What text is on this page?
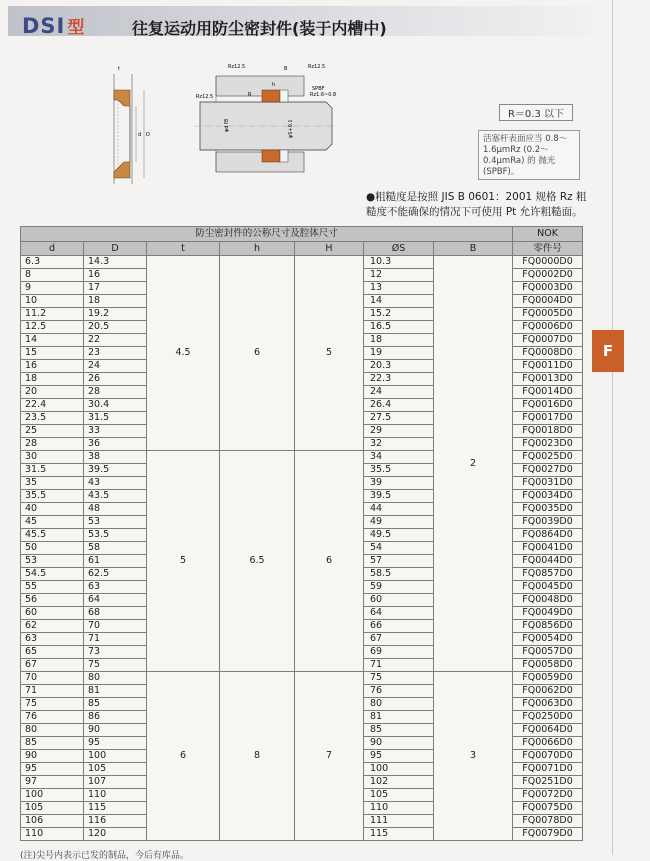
DSI 型	往复运动用防尘密封件(装于内槽中)
F
d D
t
φd f8	φS+0.1
h
B
R
Rz12.5	Rz12.5
SPBF
Rz1.6~0.8
Rz12.5
R＝0.3 以下
活塞杆表面应当 0.8～1.6μmRz (0.2～0.4μmRa) 的 抛光(SPBF)。
●粗糙度是按照 JIS B 0601：2001 规格 Rz 粗糙度不能确保的情况下可使用 Pt 允许粗糙面。
防尘密封件的公称尺寸及腔体尺寸							NOK
d	D	t	h	H	ØS	B	零件号
6.3	14.3	4.5	6	5	10.3	2	FQ0000D0
8	16				12		FQ0002D0
9	17				13		FQ0003D0
10	18				14		FQ0004D0
11.2	19.2				15.2		FQ0005D0
12.5	20.5				16.5		FQ0006D0
14	22				18		FQ0007D0
15	23				19		FQ0008D0
16	24				20.3		FQ0011D0
18	26				22.3		FQ0013D0
20	28				24		FQ0014D0
22.4	30.4				26.4		FQ0016D0
23.5	31.5				27.5		FQ0017D0
25	33				29		FQ0018D0
28	36				32		FQ0023D0
30	38	5	6.5	6	34		FQ0025D0
31.5	39.5				35.5		FQ0027D0
35	43				39		FQ0031D0
35.5	43.5				39.5		FQ0034D0
40	48				44		FQ0035D0
45	53				49		FQ0039D0
45.5	53.5				49.5		FQ0864D0
50	58				54		FQ0041D0
53	61				57		FQ0044D0
54.5	62.5				58.5		FQ0857D0
55	63				59		FQ0045D0
56	64				60		FQ0048D0
60	68				64		FQ0049D0
62	70				66		FQ0856D0
63	71				67		FQ0054D0
65	73				69		FQ0057D0
67	75				71		FQ0058D0
70	80	6	8	7	75	3	FQ0059D0
71	81				76		FQ0062D0
75	85				80		FQ0063D0
76	86				81		FQ0250D0
80	90				85		FQ0064D0
85	95				90		FQ0066D0
90	100				95		FQ0070D0
95	105				100		FQ0071D0
97	107				102		FQ0251D0
100	110				105		FQ0072D0
105	115				110		FQ0075D0
106	116				111		FQ0078D0
110	120				115		FQ0079D0
(注)尖号内表示已发的制品，今后有库品。
